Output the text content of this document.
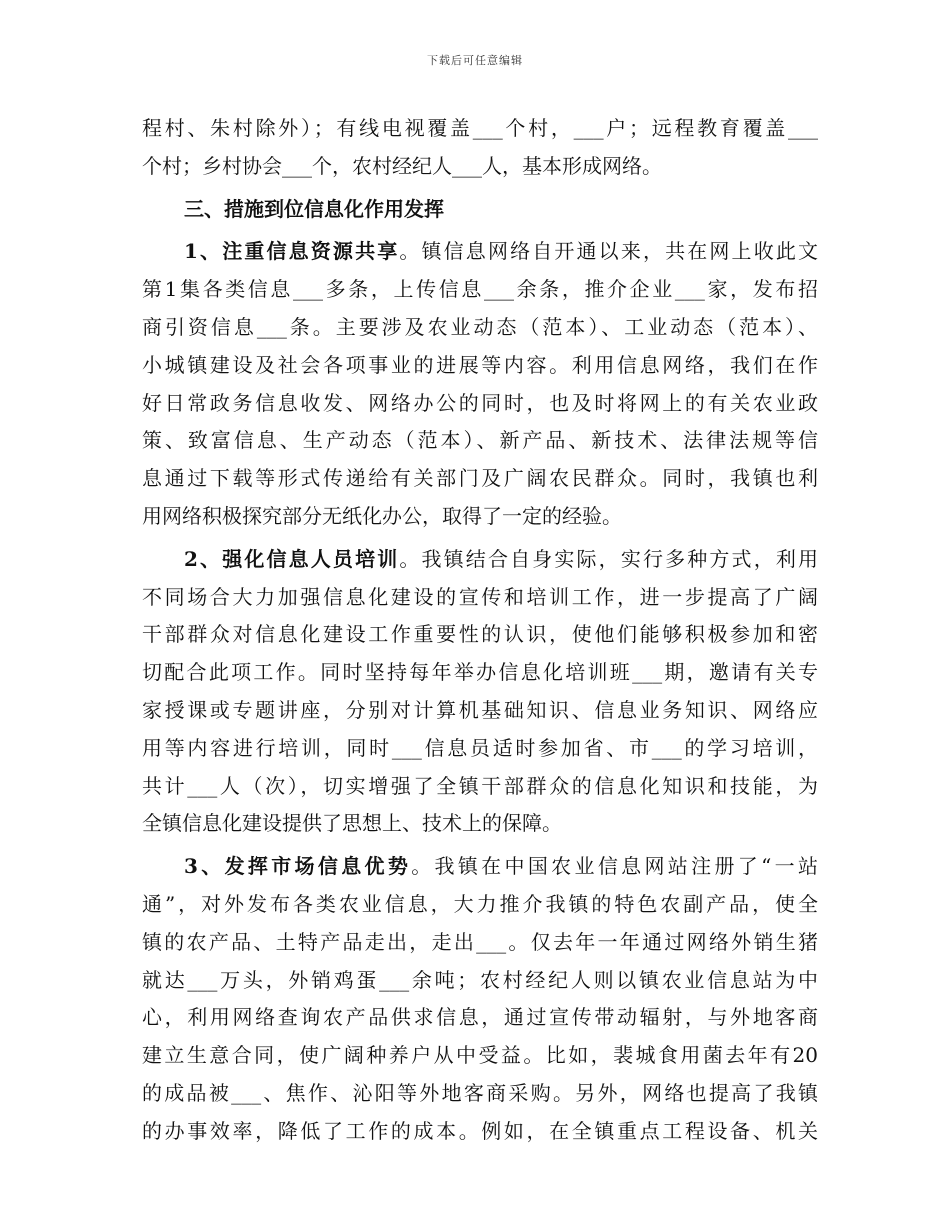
下载后可任意编辑
程村、朱村除外）；有线电视覆盖___个村，___户；远程教育覆盖___
个村；乡村协会___个，农村经纪人___人，基本形成网络。
三、措施到位信息化作用发挥
1、注重信息资源共享。镇信息网络自开通以来，共在网上收此文
第1集各类信息___多条，上传信息___余条，推介企业___家，发布招
商引资信息___条。主要涉及农业动态（范本）、工业动态（范本）、
小城镇建设及社会各项事业的进展等内容。利用信息网络，我们在作
好日常政务信息收发、网络办公的同时，也及时将网上的有关农业政
策、致富信息、生产动态（范本）、新产品、新技术、法律法规等信
息通过下载等形式传递给有关部门及广阔农民群众。同时，我镇也利
用网络积极探究部分无纸化办公，取得了一定的经验。
2、强化信息人员培训。我镇结合自身实际，实行多种方式，利用
不同场合大力加强信息化建设的宣传和培训工作，进一步提高了广阔
干部群众对信息化建设工作重要性的认识，使他们能够积极参加和密
切配合此项工作。同时坚持每年举办信息化培训班___期，邀请有关专
家授课或专题讲座，分别对计算机基础知识、信息业务知识、网络应
用等内容进行培训，同时___信息员适时参加省、市___的学习培训，
共计___人（次），切实增强了全镇干部群众的信息化知识和技能，为
全镇信息化建设提供了思想上、技术上的保障。
3、发挥市场信息优势。我镇在中国农业信息网站注册了“一站
通”，对外发布各类农业信息，大力推介我镇的特色农副产品，使全
镇的农产品、土特产品走出，走出___。仅去年一年通过网络外销生猪
就达___万头，外销鸡蛋___余吨；农村经纪人则以镇农业信息站为中
心，利用网络查询农产品供求信息，通过宣传带动辐射，与外地客商
建立生意合同，使广阔种养户从中受益。比如，裴城食用菌去年有20
的成品被___、焦作、沁阳等外地客商采购。另外，网络也提高了我镇
的办事效率，降低了工作的成本。例如，在全镇重点工程设备、机关
